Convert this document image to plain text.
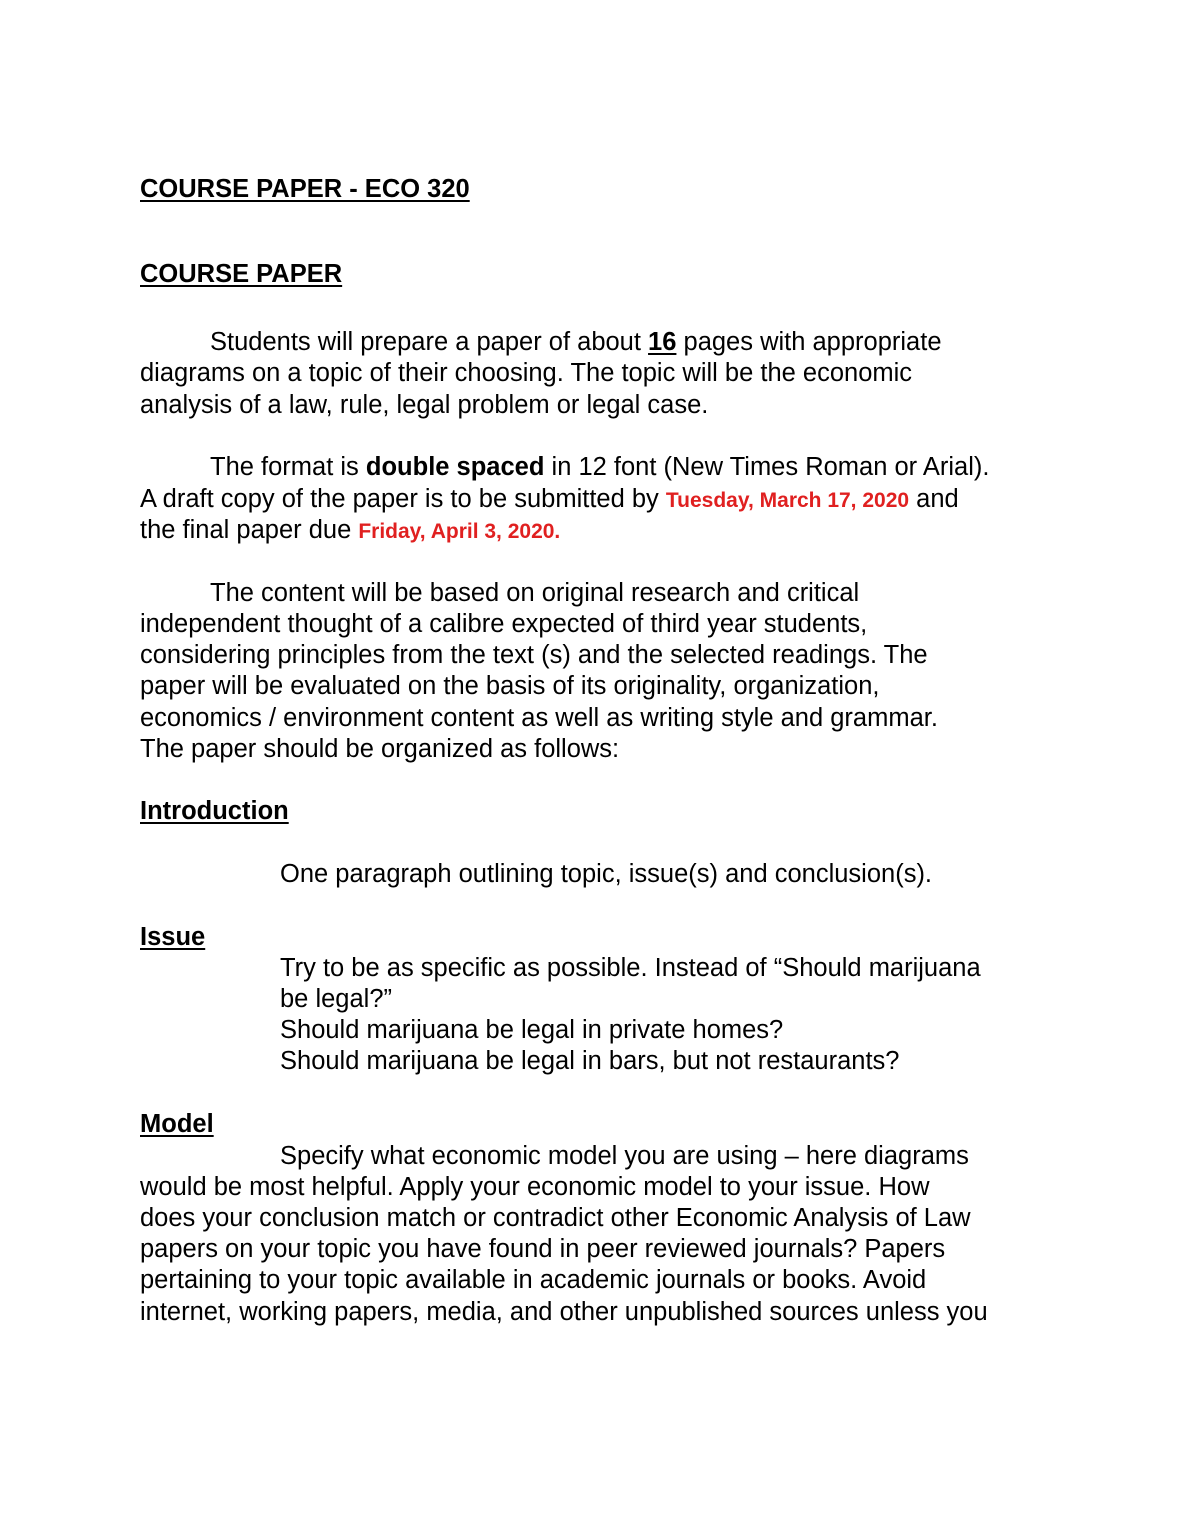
COURSE PAPER - ECO 320
COURSE PAPER
Students will prepare a paper of about 16 pages with appropriate
diagrams on a topic of their choosing. The topic will be the economic
analysis of a law, rule, legal problem or legal case.
The format is double spaced in 12 font (New Times Roman or Arial).
A draft copy of the paper is to be submitted by Tuesday, March 17, 2020 and
the final paper due Friday, April 3, 2020.
The content will be based on original research and critical
independent thought of a calibre expected of third year students,
considering principles from the text (s) and the selected readings. The
paper will be evaluated on the basis of its originality, organization,
economics / environment content as well as writing style and grammar.
The paper should be organized as follows:
Introduction
One paragraph outlining topic, issue(s) and conclusion(s).
Issue
Try to be as specific as possible. Instead of “Should marijuana
be legal?”
Should marijuana be legal in private homes?
Should marijuana be legal in bars, but not restaurants?
Model
Specify what economic model you are using – here diagrams
would be most helpful. Apply your economic model to your issue. How
does your conclusion match or contradict other Economic Analysis of Law
papers on your topic you have found in peer reviewed journals? Papers
pertaining to your topic available in academic journals or books. Avoid
internet, working papers, media, and other unpublished sources unless you
